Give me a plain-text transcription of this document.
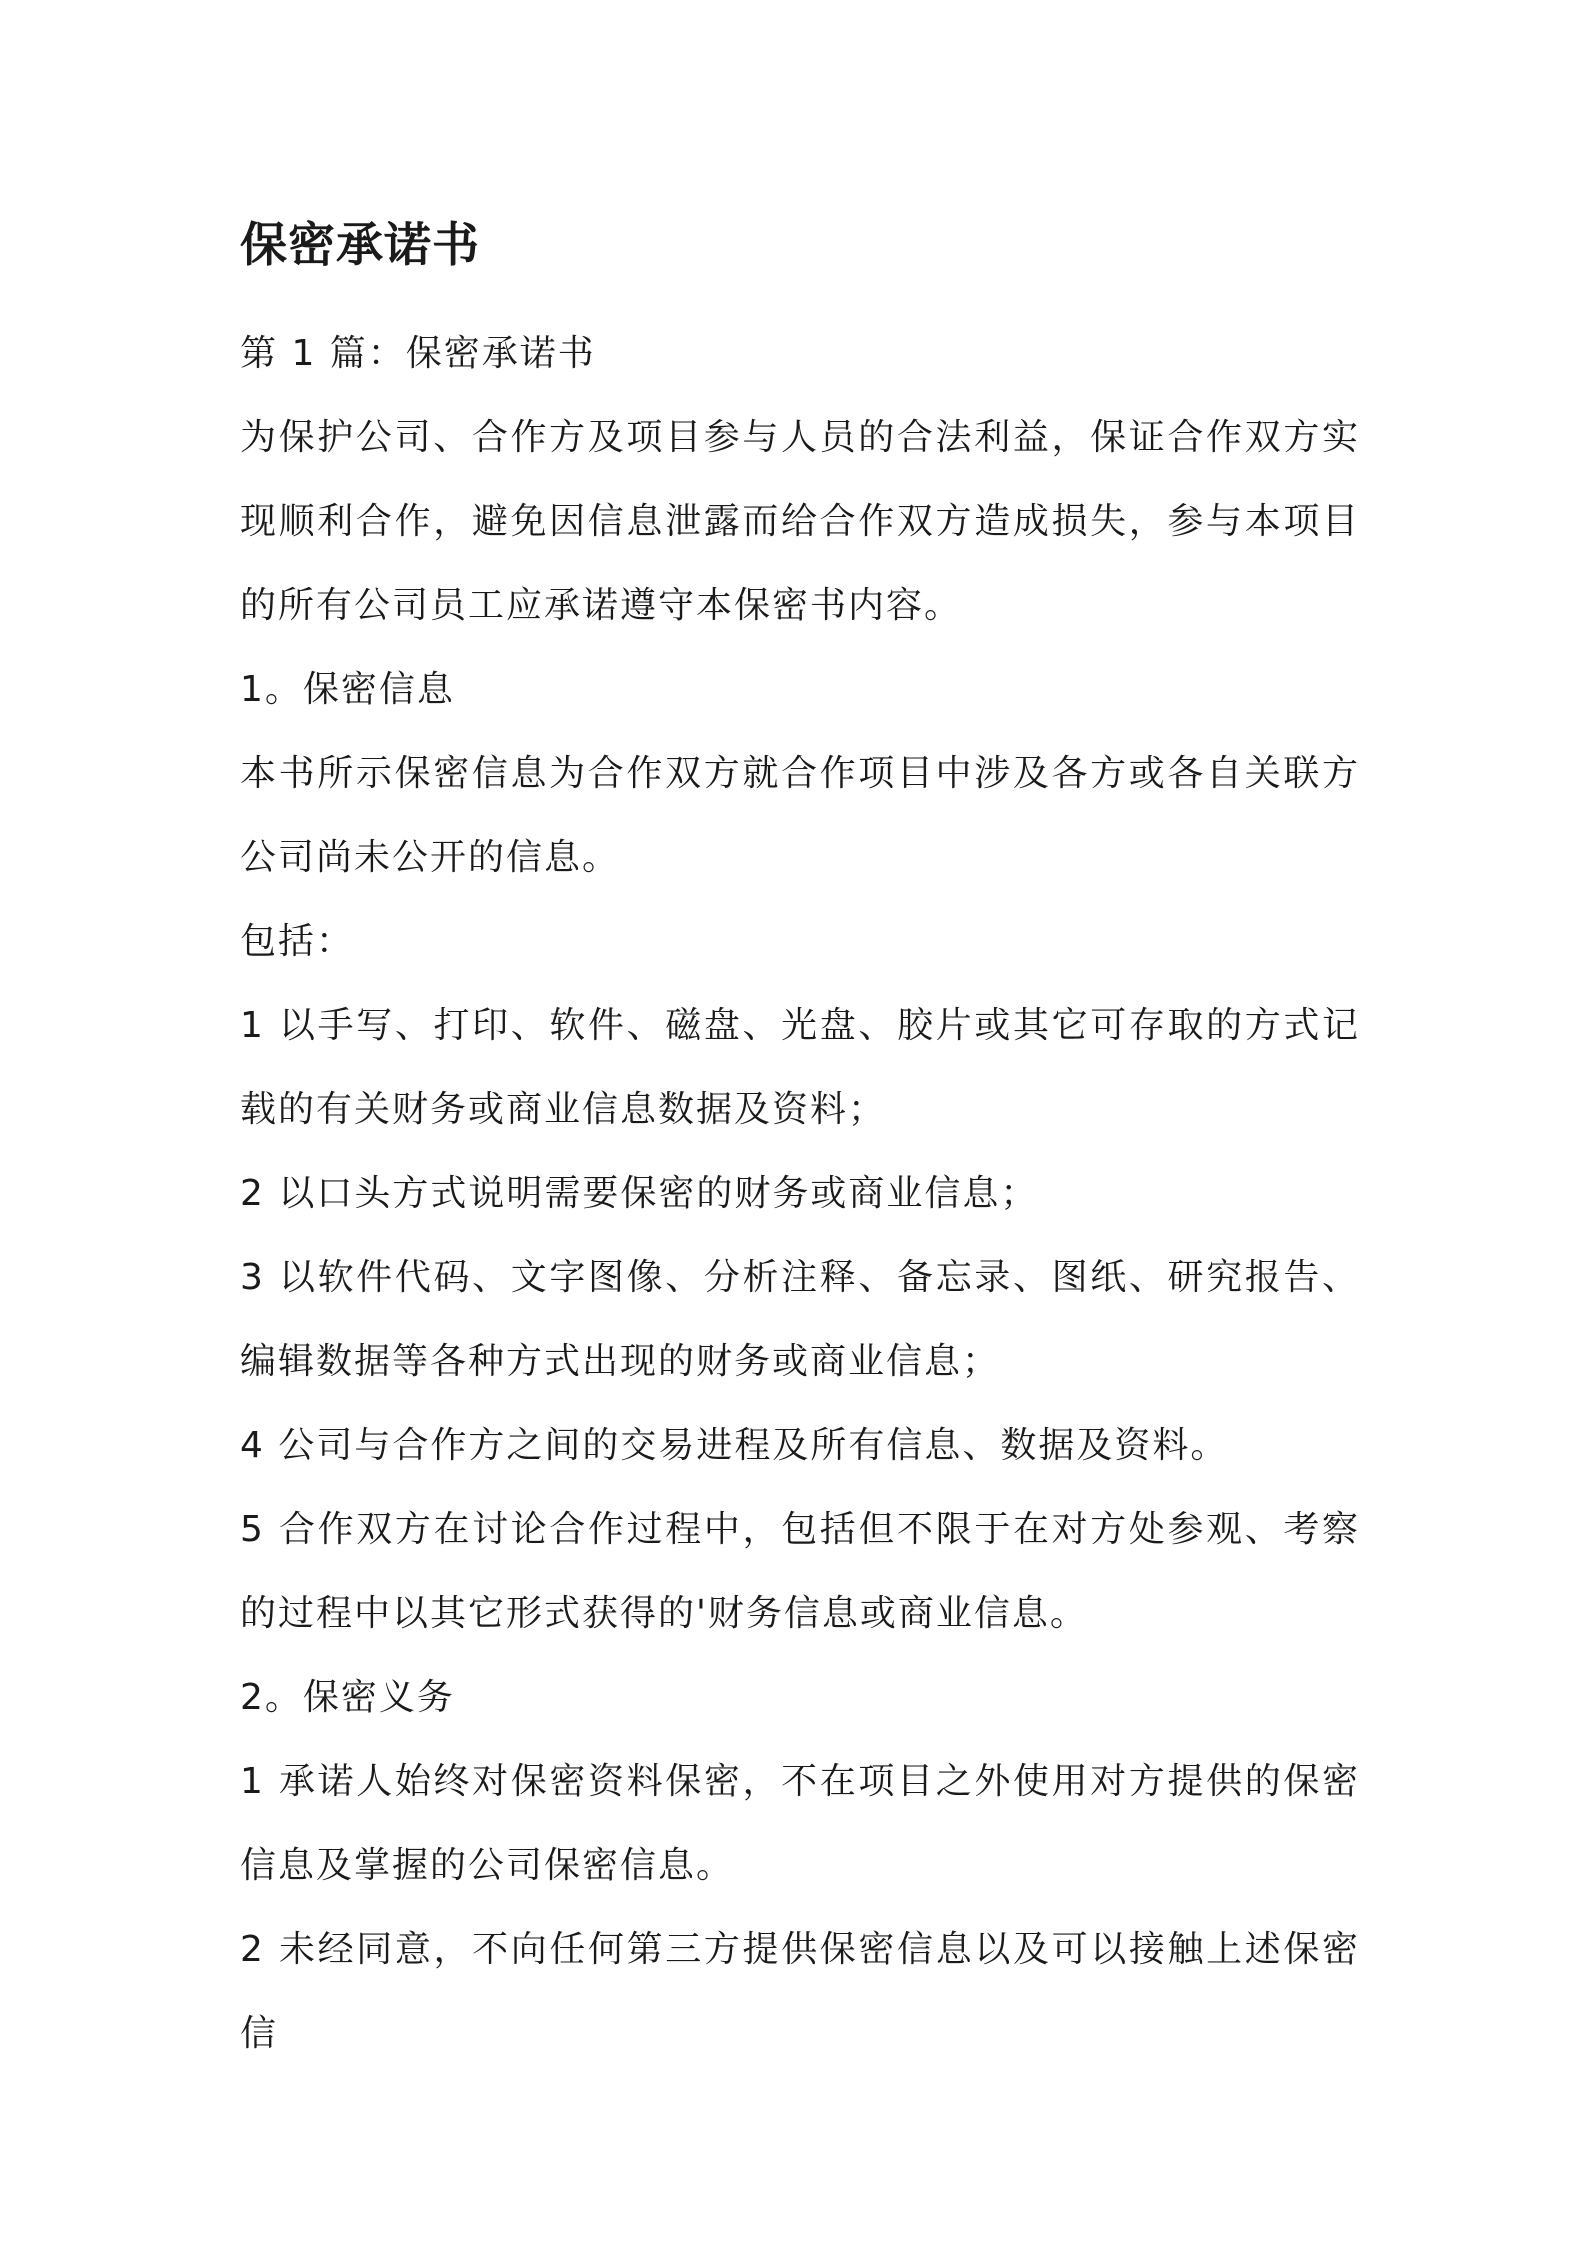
保密承诺书

第 1 篇：保密承诺书

为保护公司、合作方及项目参与人员的合法利益，保证合作双方实现顺利合作，避免因信息泄露而给合作双方造成损失，参与本项目的所有公司员工应承诺遵守本保密书内容。

1。保密信息

本书所示保密信息为合作双方就合作项目中涉及各方或各自关联方公司尚未公开的信息。

包括：

1 以手写、打印、软件、磁盘、光盘、胶片或其它可存取的方式记载的有关财务或商业信息数据及资料；

2 以口头方式说明需要保密的财务或商业信息；

3 以软件代码、文字图像、分析注释、备忘录、图纸、研究报告、编辑数据等各种方式出现的财务或商业信息；

4 公司与合作方之间的交易进程及所有信息、数据及资料。

5 合作双方在讨论合作过程中，包括但不限于在对方处参观、考察的过程中以其它形式获得的'财务信息或商业信息。

2。保密义务

1 承诺人始终对保密资料保密，不在项目之外使用对方提供的保密信息及掌握的公司保密信息。

2 未经同意，不向任何第三方提供保密信息以及可以接触上述保密信
